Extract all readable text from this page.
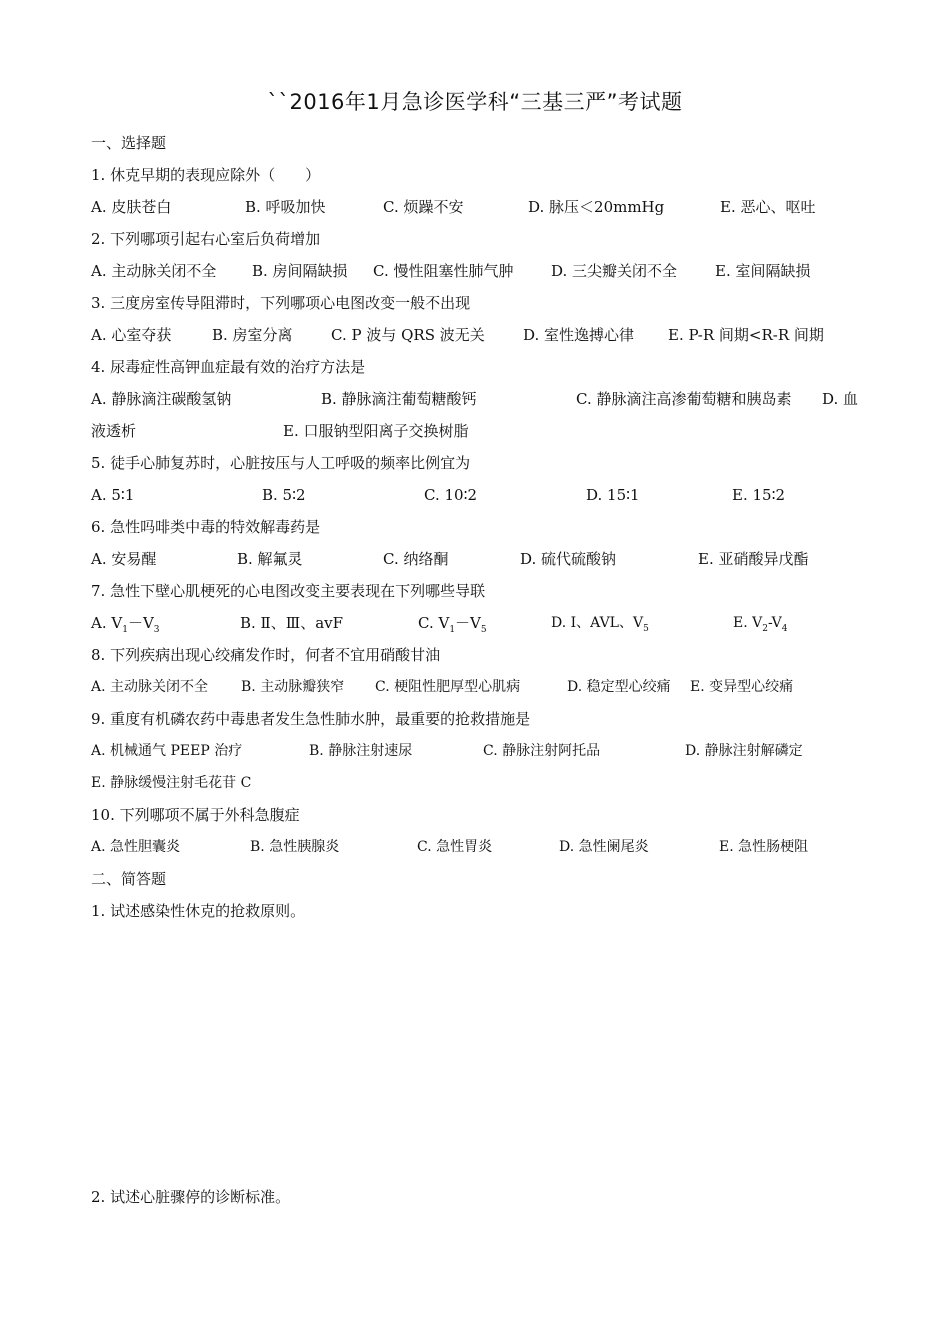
``2016年1月急诊医学科“三基三严”考试题
一、选择题
1. 休克早期的表现应除外（　　）
A. 皮肤苍白	B. 呼吸加快	C. 烦躁不安	D. 脉压＜20mmHg	E. 恶心、呕吐
2. 下列哪项引起右心室后负荷增加
A. 主动脉关闭不全 B. 房间隔缺损 C. 慢性阻塞性肺气肿	D. 三尖瓣关闭不全	E. 室间隔缺损
3. 三度房室传导阻滞时，下列哪项心电图改变一般不出现
A. 心室夺获	B. 房室分离	C. P 波与 QRS 波无关	D. 室性逸搏心律 E. P-R 间期<R-R 间期
4. 尿毒症性高钾血症最有效的治疗方法是
A. 静脉滴注碳酸氢钠	B. 静脉滴注葡萄糖酸钙	C. 静脉滴注高渗葡萄糖和胰岛素 D. 血
液透析	E. 口服钠型阳离子交换树脂
5. 徒手心肺复苏时，心脏按压与人工呼吸的频率比例宜为
A. 5∶1	B. 5∶2	C. 10∶2	D. 15∶1	E. 15∶2
6. 急性吗啡类中毒的特效解毒药是
A. 安易醒	B. 解氟灵	C. 纳络酮	D. 硫代硫酸钠	E. 亚硝酸异戊酯
7. 急性下壁心肌梗死的心电图改变主要表现在下列哪些导联
A. $V_1-V_3$	B. Ⅱ、Ⅲ、avF	C. $V_1-V_5$	D. Ⅰ、AVL、$V_5$	E. $V_2-V_4$
8. 下列疾病出现心绞痛发作时，何者不宜用硝酸甘油
A. 主动脉关闭不全 B. 主动脉瓣狭窄 C. 梗阻性肥厚型心肌病	D. 稳定型心绞痛 E. 变异型心绞痛
9. 重度有机磷农药中毒患者发生急性肺水肿，最重要的抢救措施是
A. 机械通气 PEEP 治疗	B. 静脉注射速尿	C. 静脉注射阿托品	D. 静脉注射解磷定
E. 静脉缓慢注射毛花苷 C
10. 下列哪项不属于外科急腹症
A. 急性胆囊炎	B. 急性胰腺炎	C. 急性胃炎	D. 急性阑尾炎	E. 急性肠梗阻
二、简答题
1. 试述感染性休克的抢救原则。
2. 试述心脏骤停的诊断标准。
